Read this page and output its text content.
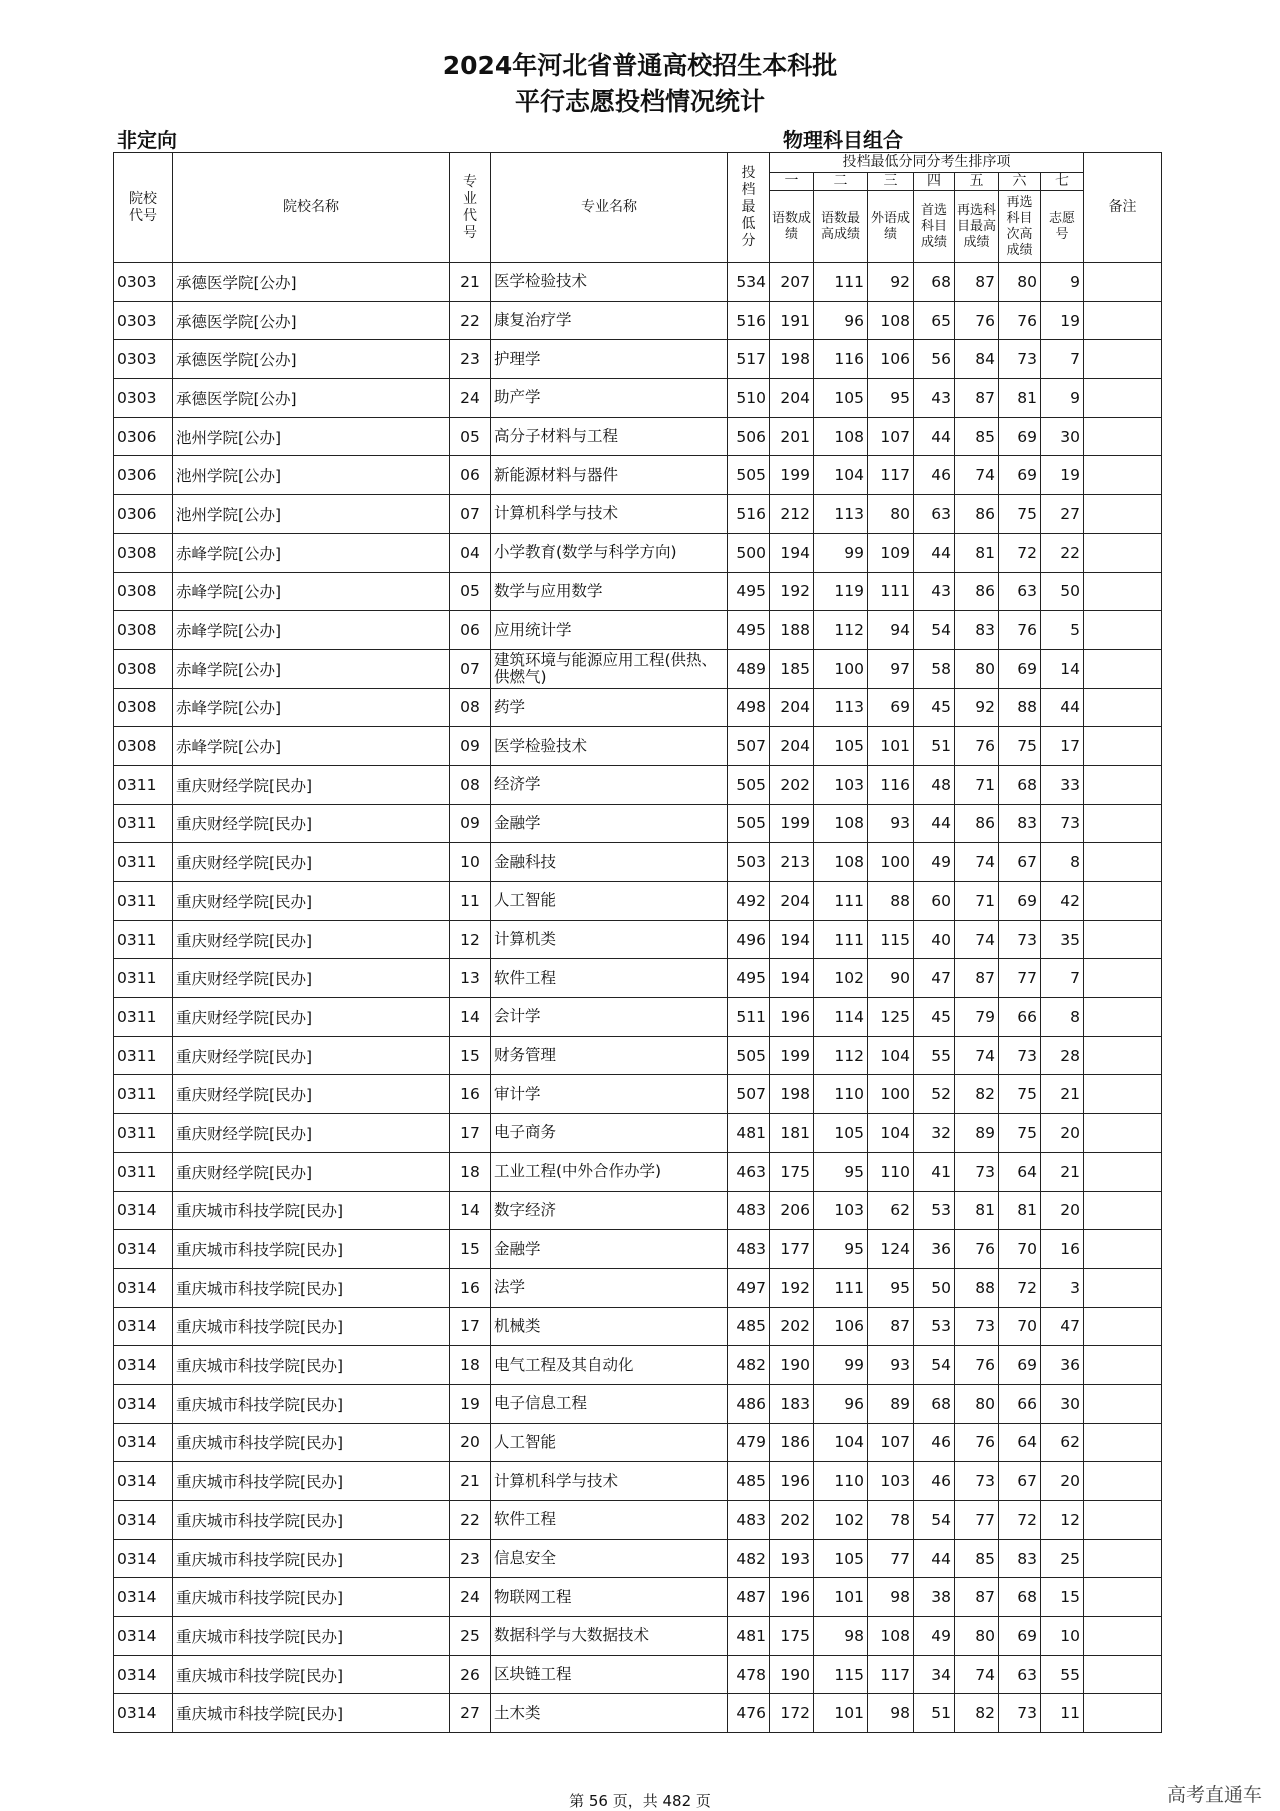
2024年河北省普通高校招生本科批
平行志愿投档情况统计
非定向	物理科目组合
院校代号	院校名称	专业代号	专业名称	投档最低分	投档最低分同分考生排序项							备注
					一	二	三	四	五	六	七	
					语数成绩	语数最高成绩	外语成绩	首选科目成绩	再选科目最高成绩	再选科目次高成绩	志愿号	
0303	承德医学院[公办]	21	医学检验技术	534	207	111	92	68	87	80	9	
0303	承德医学院[公办]	22	康复治疗学	516	191	96	108	65	76	76	19	
0303	承德医学院[公办]	23	护理学	517	198	116	106	56	84	73	7	
0303	承德医学院[公办]	24	助产学	510	204	105	95	43	87	81	9	
0306	池州学院[公办]	05	高分子材料与工程	506	201	108	107	44	85	69	30	
0306	池州学院[公办]	06	新能源材料与器件	505	199	104	117	46	74	69	19	
0306	池州学院[公办]	07	计算机科学与技术	516	212	113	80	63	86	75	27	
0308	赤峰学院[公办]	04	小学教育(数学与科学方向)	500	194	99	109	44	81	72	22	
0308	赤峰学院[公办]	05	数学与应用数学	495	192	119	111	43	86	63	50	
0308	赤峰学院[公办]	06	应用统计学	495	188	112	94	54	83	76	5	
0308	赤峰学院[公办]	07	建筑环境与能源应用工程(供热、供燃气)	489	185	100	97	58	80	69	14	
0308	赤峰学院[公办]	08	药学	498	204	113	69	45	92	88	44	
0308	赤峰学院[公办]	09	医学检验技术	507	204	105	101	51	76	75	17	
0311	重庆财经学院[民办]	08	经济学	505	202	103	116	48	71	68	33	
0311	重庆财经学院[民办]	09	金融学	505	199	108	93	44	86	83	73	
0311	重庆财经学院[民办]	10	金融科技	503	213	108	100	49	74	67	8	
0311	重庆财经学院[民办]	11	人工智能	492	204	111	88	60	71	69	42	
0311	重庆财经学院[民办]	12	计算机类	496	194	111	115	40	74	73	35	
0311	重庆财经学院[民办]	13	软件工程	495	194	102	90	47	87	77	7	
0311	重庆财经学院[民办]	14	会计学	511	196	114	125	45	79	66	8	
0311	重庆财经学院[民办]	15	财务管理	505	199	112	104	55	74	73	28	
0311	重庆财经学院[民办]	16	审计学	507	198	110	100	52	82	75	21	
0311	重庆财经学院[民办]	17	电子商务	481	181	105	104	32	89	75	20	
0311	重庆财经学院[民办]	18	工业工程(中外合作办学)	463	175	95	110	41	73	64	21	
0314	重庆城市科技学院[民办]	14	数字经济	483	206	103	62	53	81	81	20	
0314	重庆城市科技学院[民办]	15	金融学	483	177	95	124	36	76	70	16	
0314	重庆城市科技学院[民办]	16	法学	497	192	111	95	50	88	72	3	
0314	重庆城市科技学院[民办]	17	机械类	485	202	106	87	53	73	70	47	
0314	重庆城市科技学院[民办]	18	电气工程及其自动化	482	190	99	93	54	76	69	36	
0314	重庆城市科技学院[民办]	19	电子信息工程	486	183	96	89	68	80	66	30	
0314	重庆城市科技学院[民办]	20	人工智能	479	186	104	107	46	76	64	62	
0314	重庆城市科技学院[民办]	21	计算机科学与技术	485	196	110	103	46	73	67	20	
0314	重庆城市科技学院[民办]	22	软件工程	483	202	102	78	54	77	72	12	
0314	重庆城市科技学院[民办]	23	信息安全	482	193	105	77	44	85	83	25	
0314	重庆城市科技学院[民办]	24	物联网工程	487	196	101	98	38	87	68	15	
0314	重庆城市科技学院[民办]	25	数据科学与大数据技术	481	175	98	108	49	80	69	10	
0314	重庆城市科技学院[民办]	26	区块链工程	478	190	115	117	34	74	63	55	
0314	重庆城市科技学院[民办]	27	土木类	476	172	101	98	51	82	73	11	
第 56 页，共 482 页	高考直通车
